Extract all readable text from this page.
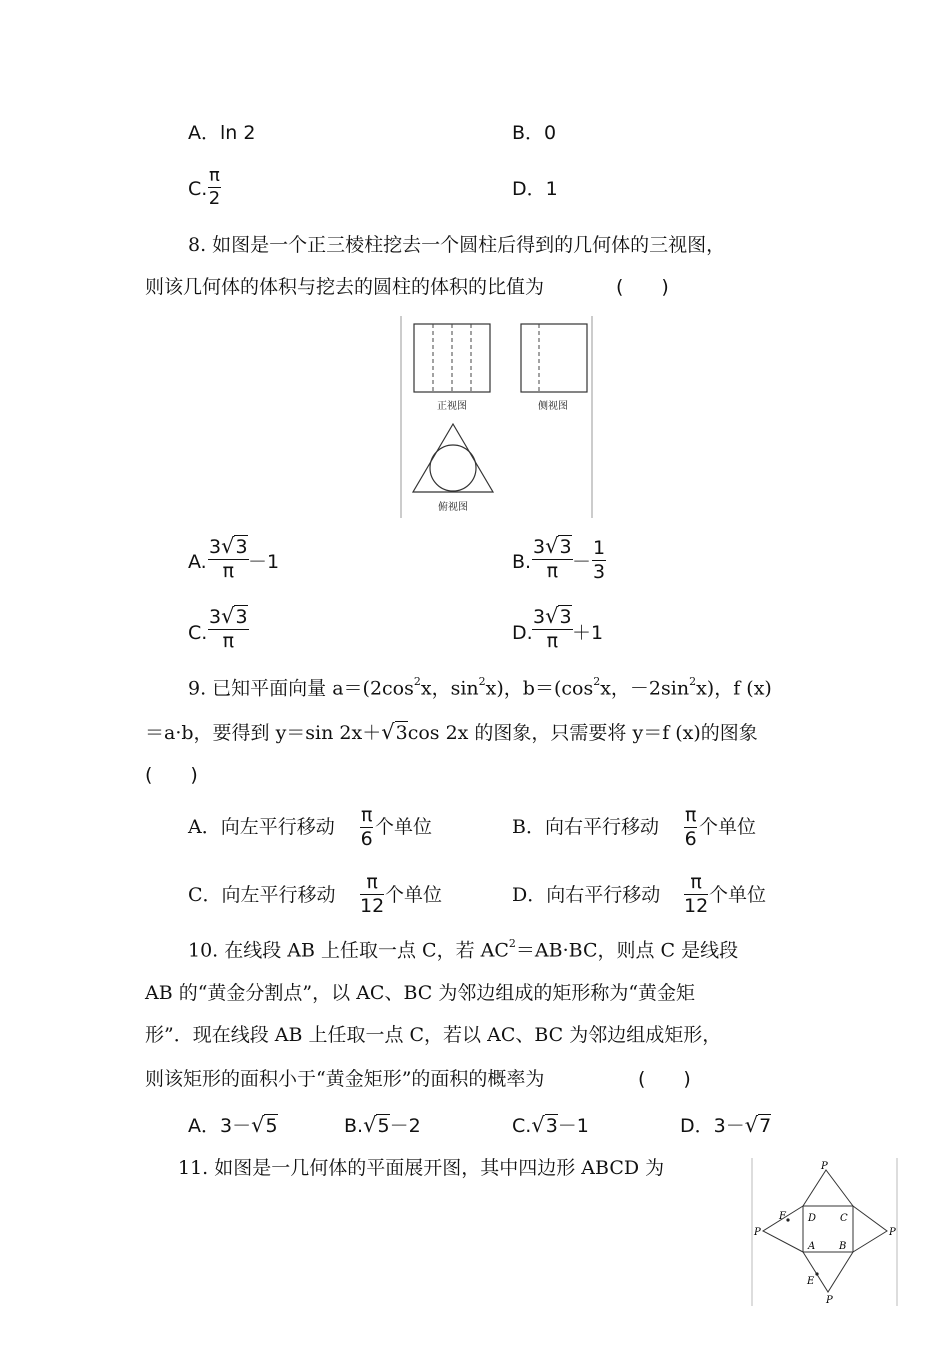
A．ln 2	B．0
C. $\frac{\pi}{2}$	D．1
8. 如图是一个正三棱柱挖去一个圆柱后得到的几何体的三视图，
则该几何体的体积与挖去的圆柱的体积的比值为	(　　)
正视图	侧视图
俯视图
A. $\frac{3√3}{\pi} -1$	B. $\frac{3√3}{\pi} - \frac{1}{3}$
C. $\frac{3√3}{\pi}$	D. $\frac{3√3}{\pi} +1$
9. 已知平面向量 $a=(2\cos^2x$，$\sin^2x$)，$b=(\cos^2x$，$-2\sin^2x$)，f (x)
＝a·b，要得到 y＝sin 2x＋√3cos 2x 的图象，只需要将 y＝f (x)的图象
(　　)
A．向左平行移动 $\frac{\pi}{6}$ 个单位	B．向右平行移动 $\frac{\pi}{6}$ 个单位
C．向左平行移动 $\frac{\pi}{12}$ 个单位	D．向右平行移动 $\frac{\pi}{12}$ 个单位
10. 在线段 AB 上任取一点 C，若 $AC^2=AB\cdot BC$，则点 C 是线段
AB 的“黄金分割点”，以 AC、BC 为邻边组成的矩形称为“黄金矩
形”．现在线段 AB 上任取一点 C，若以 AC、BC 为邻边组成矩形，
则该矩形的面积小于“黄金矩形”的面积的概率为	(　　)
A．3－√5	B.√5－2	C.√3－1	D．3－√7
11. 如图是一几何体的平面展开图，其中四边形 ABCD 为	P
P	P
P
D C
A B
F
E
